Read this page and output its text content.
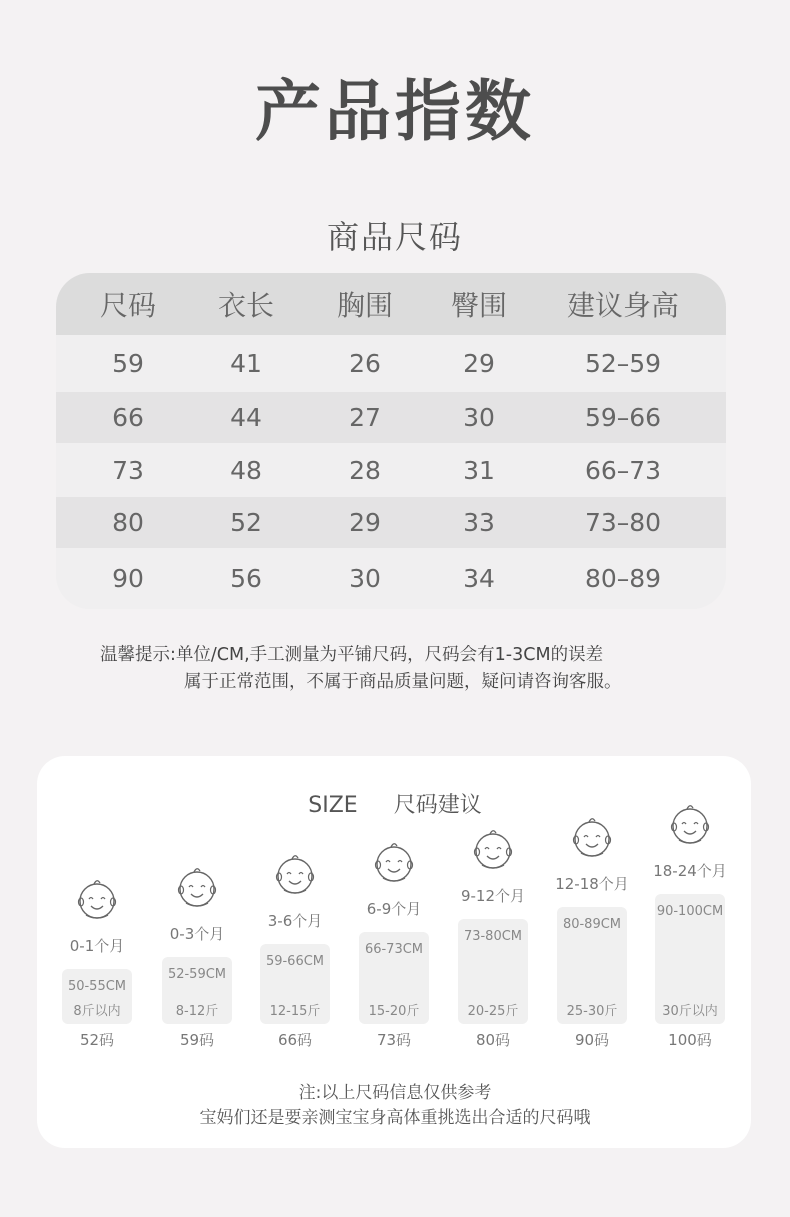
产品指数
商品尺码
尺码	衣长	胸围	臀围	建议身高
59	41	26	29	52–59
66	44	27	30	59–66
73	48	28	31	66–73
80	52	29	33	73–80
90	56	30	34	80–89
温馨提示:单位/CM,手工测量为平铺尺码，尺码会有1-3CM的误差
属于正常范围，不属于商品质量问题，疑问请咨询客服。
SIZE 尺码建议
0-1个月
50-55CM
8斤以内
52码
0-3个月
52-59CM
8-12斤
59码
3-6个月
59-66CM
12-15斤
66码
6-9个月
66-73CM
15-20斤
73码
9-12个月
73-80CM
20-25斤
80码
12-18个月
80-89CM
25-30斤
90码
18-24个月
90-100CM
30斤以内
100码
注:以上尺码信息仅供参考
宝妈们还是要亲测宝宝身高体重挑选出合适的尺码哦
